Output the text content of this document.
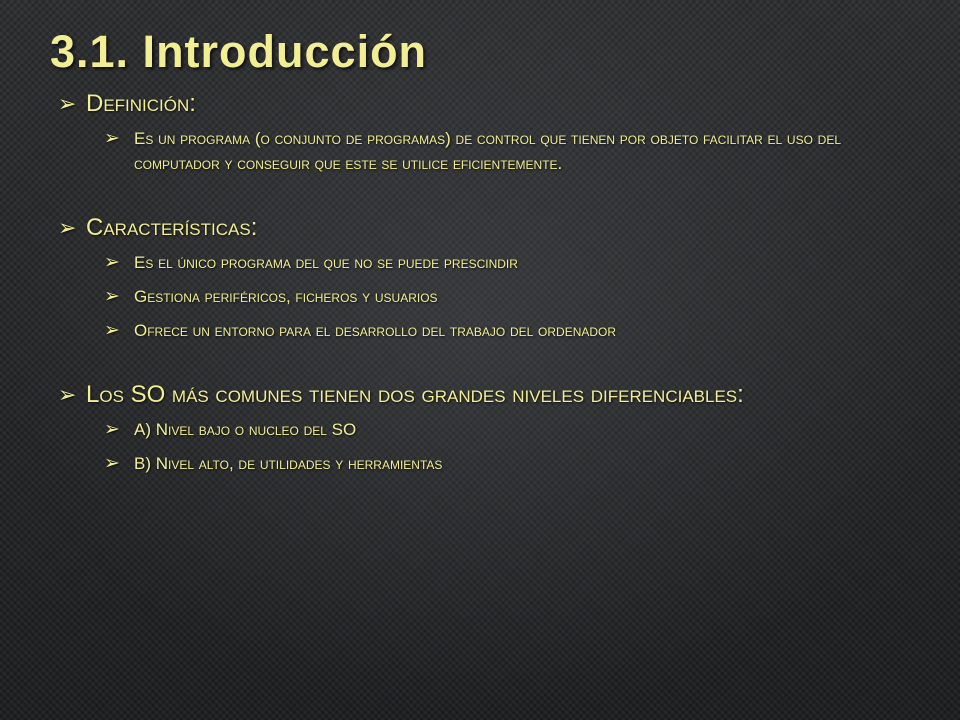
3.1. Introducción
➢ Definición:
➢ Es un programa (o conjunto de programas) de control que tienen por objeto facilitar el uso del computador y conseguir que este se utilice eficientemente.
➢ Características:
➢ Es el único programa del que no se puede prescindir
➢ Gestiona periféricos, ficheros y usuarios
➢ Ofrece un entorno para el desarrollo del trabajo del ordenador
➢ Los SO más comunes tienen dos grandes niveles diferenciables:
➢ A) Nivel bajo o nucleo del SO
➢ B) Nivel alto, de utilidades y herramientas
